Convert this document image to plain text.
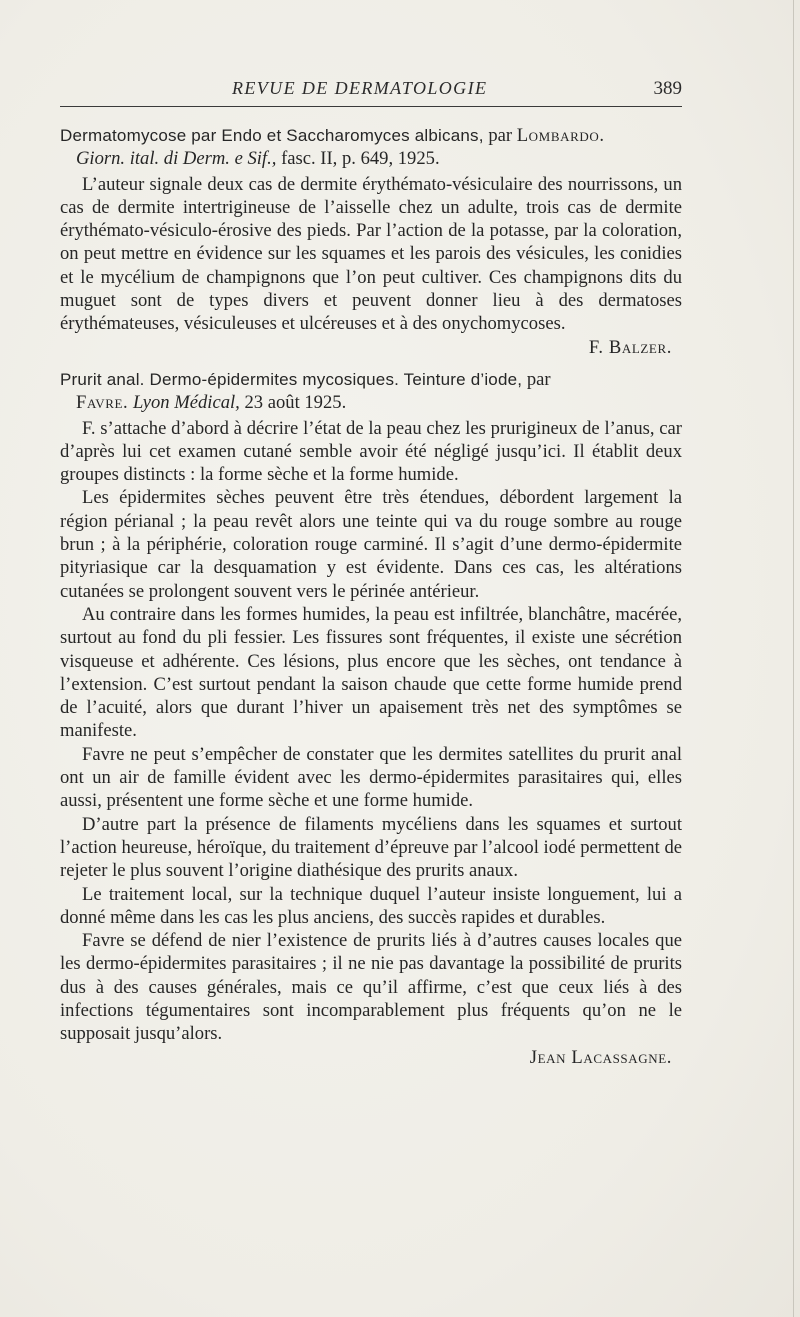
REVUE DE DERMATOLOGIE	389

Dermatomycose par Endo et Saccharomyces albicans, par Lombardo.

Giorn. ital. di Derm. e Sif., fasc. II, p. 649, 1925.

L’auteur signale deux cas de dermite érythémato-vésiculaire des nourrissons, un cas de dermite intertrigineuse de l’aisselle chez un adulte, trois cas de dermite érythémato-vésiculo-érosive des pieds. Par l’action de la potasse, par la coloration, on peut mettre en évidence sur les squames et les parois des vésicules, les conidies et le mycélium de champignons que l’on peut cultiver. Ces champignons dits du muguet sont de types divers et peuvent donner lieu à des dermatoses érythémateuses, vésiculeuses et ulcéreuses et à des onychomycoses.

F. Balzer.

Prurit anal. Dermo-épidermites mycosiques. Teinture d’iode, par

Favre. Lyon Médical, 23 août 1925.

F. s’attache d’abord à décrire l’état de la peau chez les prurigineux de l’anus, car d’après lui cet examen cutané semble avoir été négligé jusqu’ici. Il établit deux groupes distincts : la forme sèche et la forme humide.

Les épidermites sèches peuvent être très étendues, débordent largement la région périanal ; la peau revêt alors une teinte qui va du rouge sombre au rouge brun ; à la périphérie, coloration rouge carminé. Il s’agit d’une dermo-épidermite pityriasique car la desquamation y est évidente. Dans ces cas, les altérations cutanées se prolongent souvent vers le périnée antérieur.

Au contraire dans les formes humides, la peau est infiltrée, blanchâtre, macérée, surtout au fond du pli fessier. Les fissures sont fréquentes, il existe une sécrétion visqueuse et adhérente. Ces lésions, plus encore que les sèches, ont tendance à l’extension. C’est surtout pendant la saison chaude que cette forme humide prend de l’acuité, alors que durant l’hiver un apaisement très net des symptômes se manifeste.

Favre ne peut s’empêcher de constater que les dermites satellites du prurit anal ont un air de famille évident avec les dermo-épidermites parasitaires qui, elles aussi, présentent une forme sèche et une forme humide.

D’autre part la présence de filaments mycéliens dans les squames et surtout l’action heureuse, héroïque, du traitement d’épreuve par l’alcool iodé permettent de rejeter le plus souvent l’origine diathésique des prurits anaux.

Le traitement local, sur la technique duquel l’auteur insiste longuement, lui a donné même dans les cas les plus anciens, des succès rapides et durables.

Favre se défend de nier l’existence de prurits liés à d’autres causes locales que les dermo-épidermites parasitaires ; il ne nie pas davantage la possibilité de prurits dus à des causes générales, mais ce qu’il affirme, c’est que ceux liés à des infections tégumentaires sont incomparablement plus fréquents qu’on ne le supposait jusqu’alors.

Jean Lacassagne.
